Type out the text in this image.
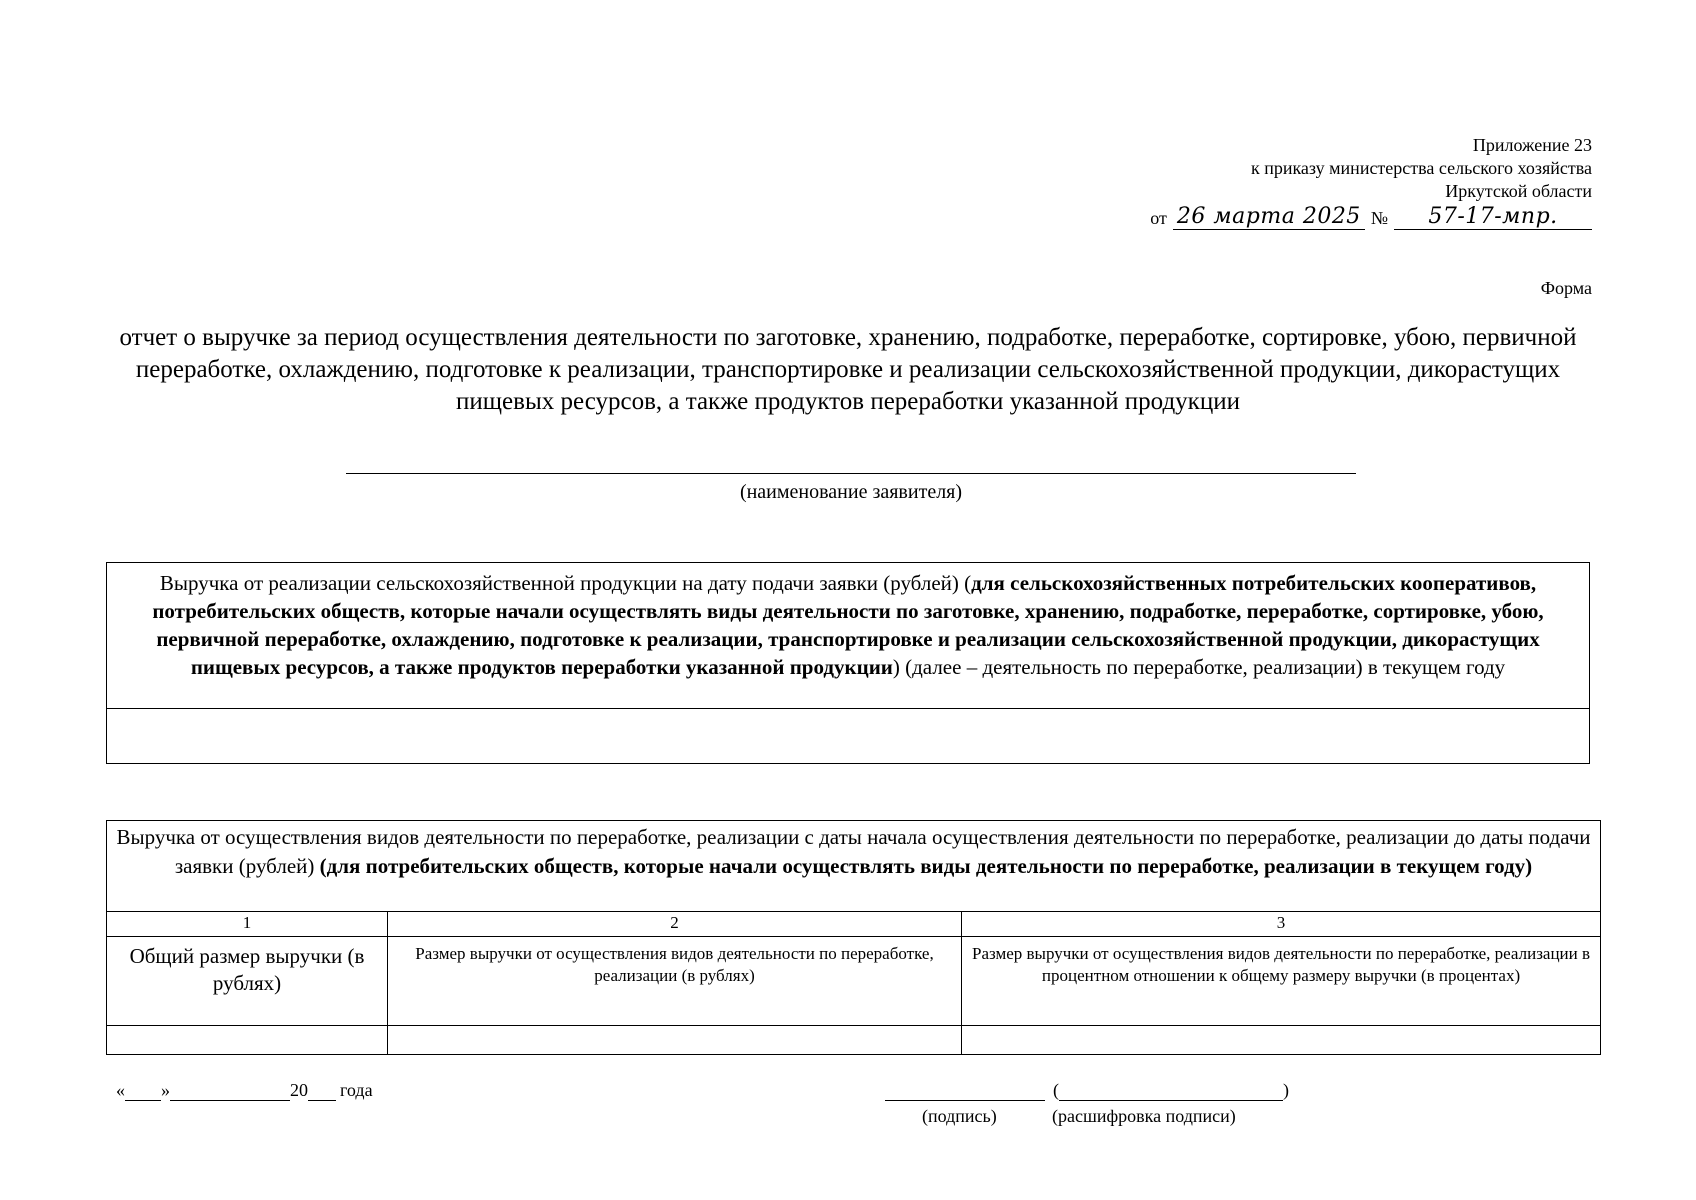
Приложение 23
к приказу министерства сельского хозяйства
Иркутской области
от 26 марта 2025 №	57-17-мпр.
Форма
отчет о выручке за период осуществления деятельности по заготовке, хранению, подработке, переработке, сортировке, убою, первичной переработке, охлаждению, подготовке к реализации, транспортировке и реализации сельскохозяйственной продукции, дикорастущих пищевых ресурсов, а также продуктов переработки указанной продукции
(наименование заявителя)
Выручка от реализации сельскохозяйственной продукции на дату подачи заявки (рублей) (для сельскохозяйственных потребительских кооперативов, потребительских обществ, которые начали осуществлять виды деятельности по заготовке, хранению, подработке, переработке, сортировке, убою, первичной переработке, охлаждению, подготовке к реализации, транспортировке и реализации сельскохозяйственной продукции, дикорастущих пищевых ресурсов, а также продуктов переработки указанной продукции) (далее – деятельность по переработке, реализации) в текущем году
Выручка от осуществления видов деятельности по переработке, реализации с даты начала осуществления деятельности по переработке, реализации до даты подачи заявки (рублей) (для потребительских обществ, которые начали осуществлять виды деятельности по переработке, реализации в текущем году)		
1	2	3
Общий размер выручки (в рублях)	Размер выручки от осуществления видов деятельности по переработке, реализации (в рублях)	Размер выручки от осуществления видов деятельности по переработке, реализации в процентном отношении к общему размеру выручки (в процентах)

« »	20 года	(	)
(подпись)	(расшифровка подписи)
